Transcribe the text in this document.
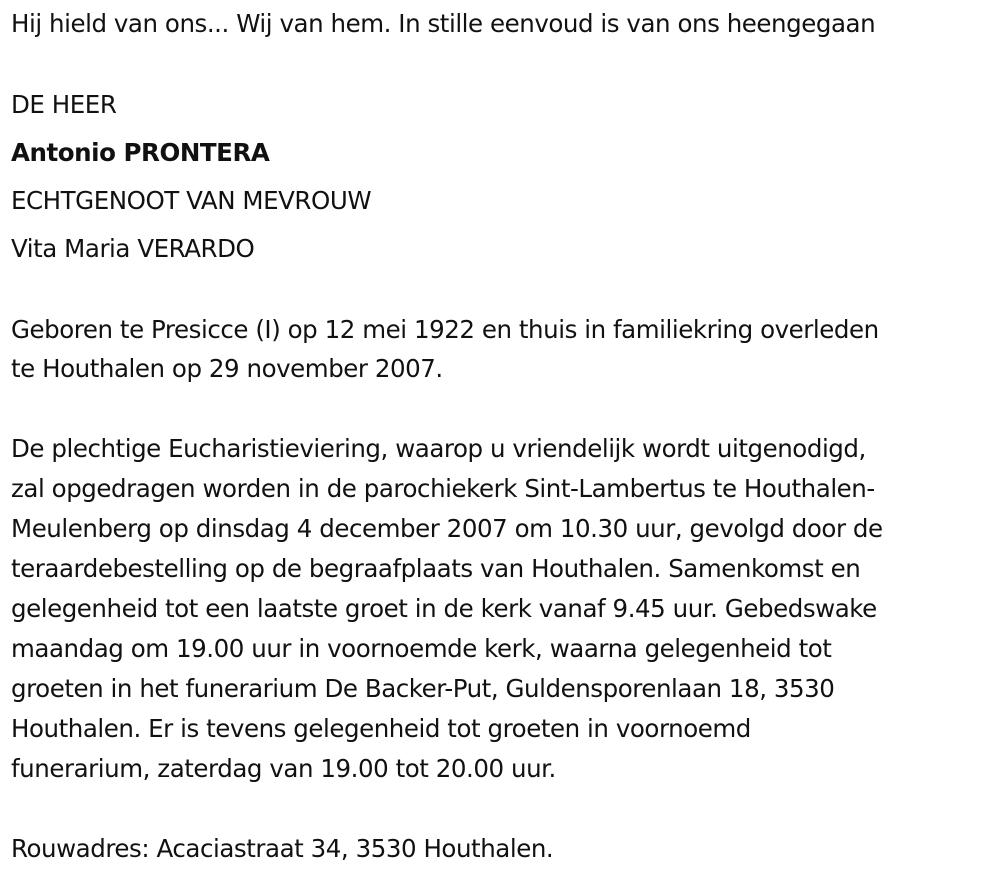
Hij hield van ons... Wij van hem. In stille eenvoud is van ons heengegaan
DE HEER
Antonio PRONTERA
ECHTGENOOT VAN MEVROUW
Vita Maria VERARDO
Geboren te Presicce (I) op 12 mei 1922 en thuis in familiekring overleden
te Houthalen op 29 november 2007.
De plechtige Eucharistieviering, waarop u vriendelijk wordt uitgenodigd,
zal opgedragen worden in de parochiekerk Sint-Lambertus te Houthalen-
Meulenberg op dinsdag 4 december 2007 om 10.30 uur, gevolgd door de
teraardebestelling op de begraafplaats van Houthalen. Samenkomst en
gelegenheid tot een laatste groet in de kerk vanaf 9.45 uur. Gebedswake
maandag om 19.00 uur in voornoemde kerk, waarna gelegenheid tot
groeten in het funerarium De Backer-Put, Guldensporenlaan 18, 3530
Houthalen. Er is tevens gelegenheid tot groeten in voornoemd
funerarium, zaterdag van 19.00 tot 20.00 uur.
Rouwadres: Acaciastraat 34, 3530 Houthalen.
